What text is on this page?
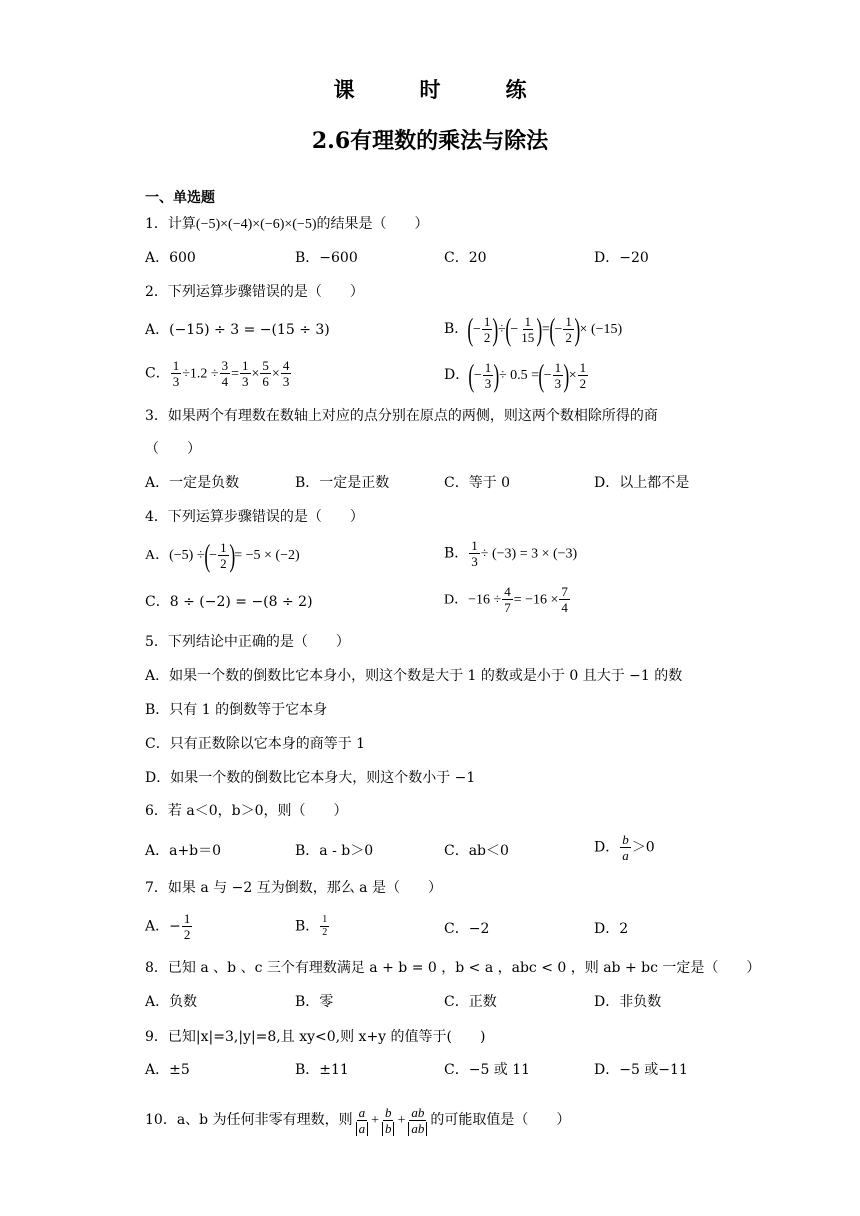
课　时　练
2.6有理数的乘法与除法
一、单选题
1．计算(−5)×(−4)×(−6)×(−5)的结果是（　　）
A．600	B．−600	C．20	D．−20
2．下列运算步骤错误的是（　　）
A．(−15) ÷ 3 = −(15 ÷ 3)	B．(− $\frac{1}{2}$ )÷(− $\frac{1}{15}$ )=(− $\frac{1}{2}$ )× (−15)
C． $\frac{1}{3} \div 1.2 \div \frac{3}{4} = \frac{1}{3} \times \frac{5}{6} \times \frac{4}{3}$	D．(− $\frac{1}{3}$ )÷ 0.5 =(− $\frac{1}{3}$ )× $\frac{1}{2}$
3．如果两个有理数在数轴上对应的点分别在原点的两侧，则这两个数相除所得的商
（　　）
A．一定是负数	B．一定是正数	C．等于 0	D．以上都不是
4．下列运算步骤错误的是（　　）
A．(−5) ÷(− $\frac{1}{2}$ )= −5 × (−2)	B． $\frac{1}{3} \div (-3) = 3 \times (-3)$
C．8 ÷ (−2) = −(8 ÷ 2)	D．$-16 \div \frac{4}{7} = -16 \times \frac{7}{4}$
5．下列结论中正确的是（　　）
A．如果一个数的倒数比它本身小，则这个数是大于 1 的数或是小于 0 且大于 −1 的数
B．只有 1 的倒数等于它本身
C．只有正数除以它本身的商等于 1
D．如果一个数的倒数比它本身大，则这个数小于 −1
6．若 a＜0，b＞0，则（　　）
A．a+b＝0	B．a - b＞0	C．ab＜0	D． $\frac{b}{a} >0$
7．如果 a 与 −2 互为倒数，那么 a 是（　　）
A．− $\frac{1}{2}$	B． $\frac{1}{2}$	C．−2	D．2
8．已知 a 、b 、c 三个有理数满足 a + b = 0 ，b < a ，abc < 0 ，则 ab + bc 一定是（　　）
A．负数	B．零	C．正数	D．非负数
9．已知|x|=3,|y|=8,且 xy<0,则 x+y 的值等于(　　)
A．±5	B．±11	C．−5 或 11	D．−5 或−11
10．a、b 为任何非零有理数，则 $\frac{a}{a} + \frac{b}{b} + \frac{ab}{ab}$ 的可能取值是（　　）
